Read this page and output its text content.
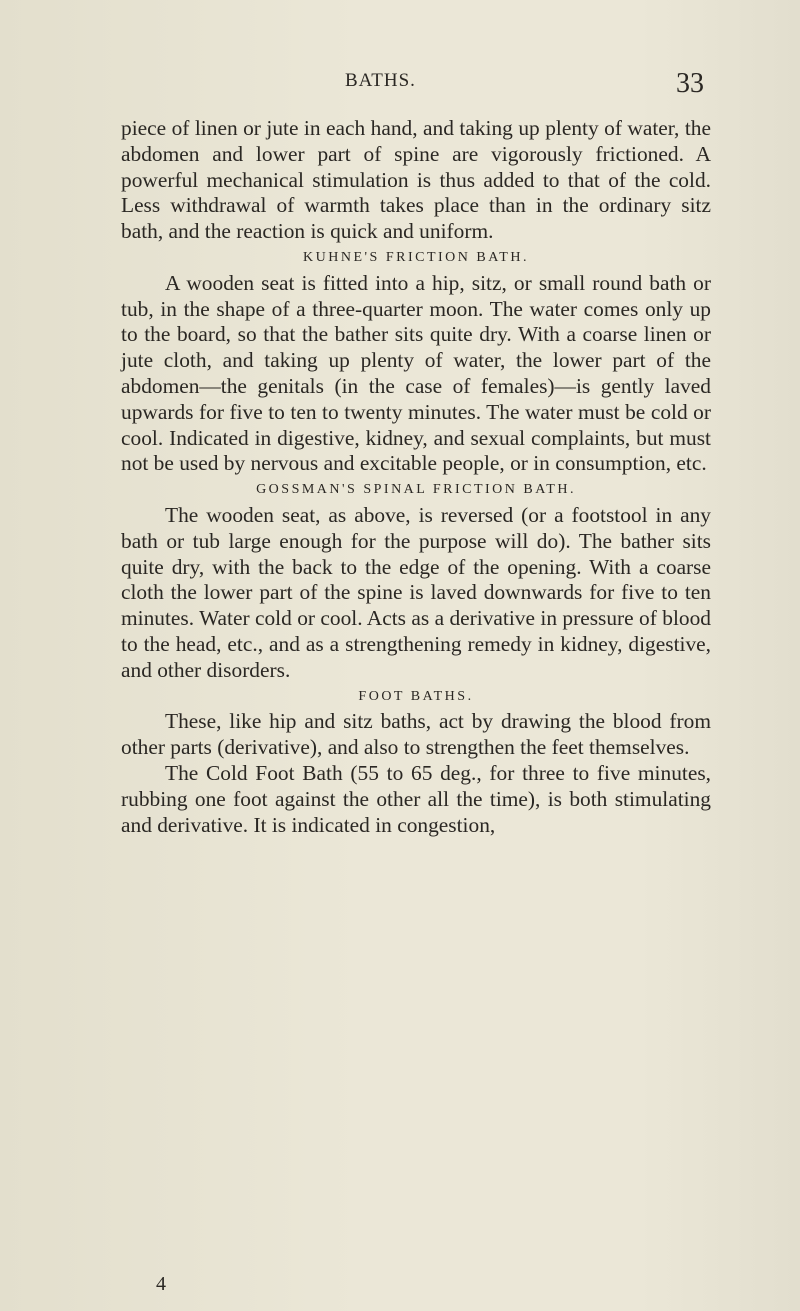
BATHS.	33

piece of linen or jute in each hand, and taking up plenty of water, the abdomen and lower part of spine are vigorously frictioned. A powerful mechanical stimulation is thus added to that of the cold. Less withdrawal of warmth takes place than in the ordinary sitz bath, and the reaction is quick and uniform.

KUHNE'S FRICTION BATH.

A wooden seat is fitted into a hip, sitz, or small round bath or tub, in the shape of a three-quarter moon. The water comes only up to the board, so that the bather sits quite dry. With a coarse linen or jute cloth, and taking up plenty of water, the lower part of the abdomen—the genitals (in the case of females)—is gently laved upwards for five to ten to twenty minutes. The water must be cold or cool. Indicated in digestive, kidney, and sexual complaints, but must not be used by nervous and excitable people, or in consumption, etc.

GOSSMAN'S SPINAL FRICTION BATH.

The wooden seat, as above, is reversed (or a footstool in any bath or tub large enough for the purpose will do). The bather sits quite dry, with the back to the edge of the opening. With a coarse cloth the lower part of the spine is laved downwards for five to ten minutes. Water cold or cool. Acts as a derivative in pressure of blood to the head, etc., and as a strengthening remedy in kidney, digestive, and other disorders.

FOOT BATHS.

These, like hip and sitz baths, act by drawing the blood from other parts (derivative), and also to strengthen the feet themselves.

The Cold Foot Bath (55 to 65 deg., for three to five minutes, rubbing one foot against the other all the time), is both stimulating and derivative. It is indicated in congestion,

4
